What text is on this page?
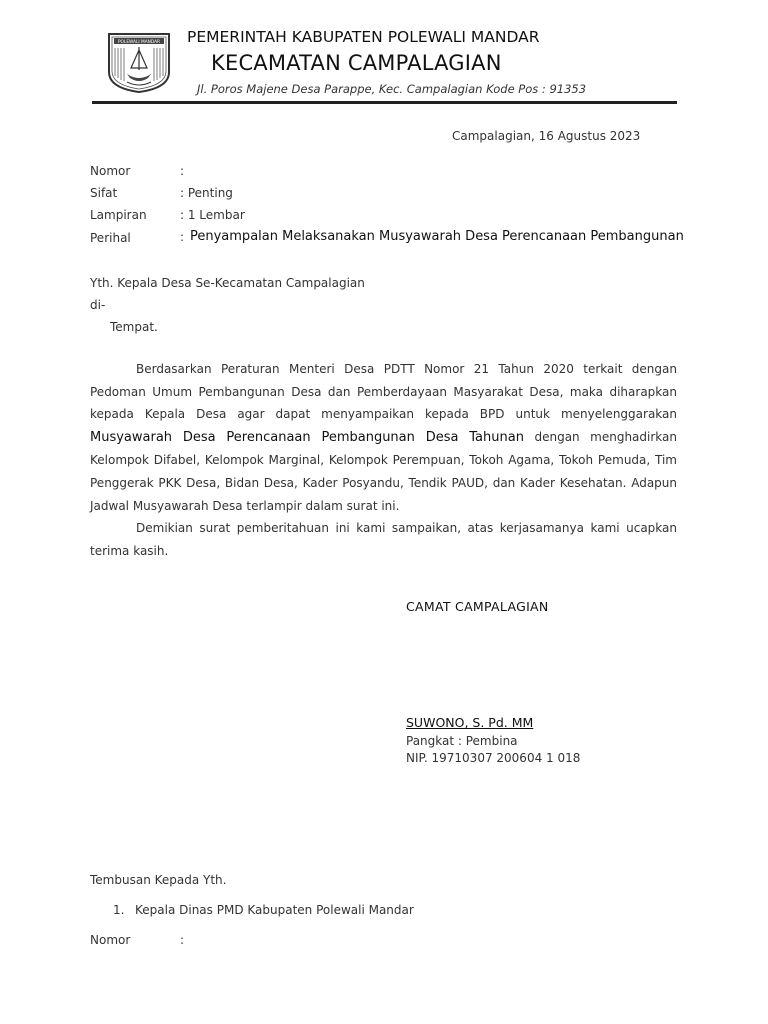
POLEWALI MANDAR PEMERINTAH KABUPATEN POLEWALI MANDAR
KECAMATAN CAMPALAGIAN
Jl. Poros Majene Desa Parappe, Kec. Campalagian Kode Pos : 91353
Campalagian, 16 Agustus 2023
Nomor	:
Sifat	: Penting
Lampiran	: 1 Lembar
Perihal	: Penyampalan Melaksanakan Musyawarah Desa Perencanaan Pembangunan
Yth. Kepala Desa Se-Kecamatan Campalagian
di-
Tempat.

Berdasarkan Peraturan Menteri Desa PDTT Nomor 21 Tahun 2020 terkait dengan Pedoman Umum Pembangunan Desa dan Pemberdayaan Masyarakat Desa, maka diharapkan kepada Kepala Desa agar dapat menyampaikan kepada BPD untuk menyelenggarakan Musyawarah Desa Perencanaan Pembangunan Desa Tahunan dengan menghadirkan Kelompok Difabel, Kelompok Marginal, Kelompok Perempuan, Tokoh Agama, Tokoh Pemuda, Tim Penggerak PKK Desa, Bidan Desa, Kader Posyandu, Tendik PAUD, dan Kader Kesehatan. Adapun Jadwal Musyawarah Desa terlampir dalam surat ini.

Demikian surat pemberitahuan ini kami sampaikan, atas kerjasamanya kami ucapkan terima kasih.

CAMAT CAMPALAGIAN
SUWONO, S. Pd. MM
Pangkat : Pembina
NIP. 19710307 200604 1 018
Tembusan Kepada Yth.
1. Kepala Dinas PMD Kabupaten Polewali Mandar
Nomor	:
